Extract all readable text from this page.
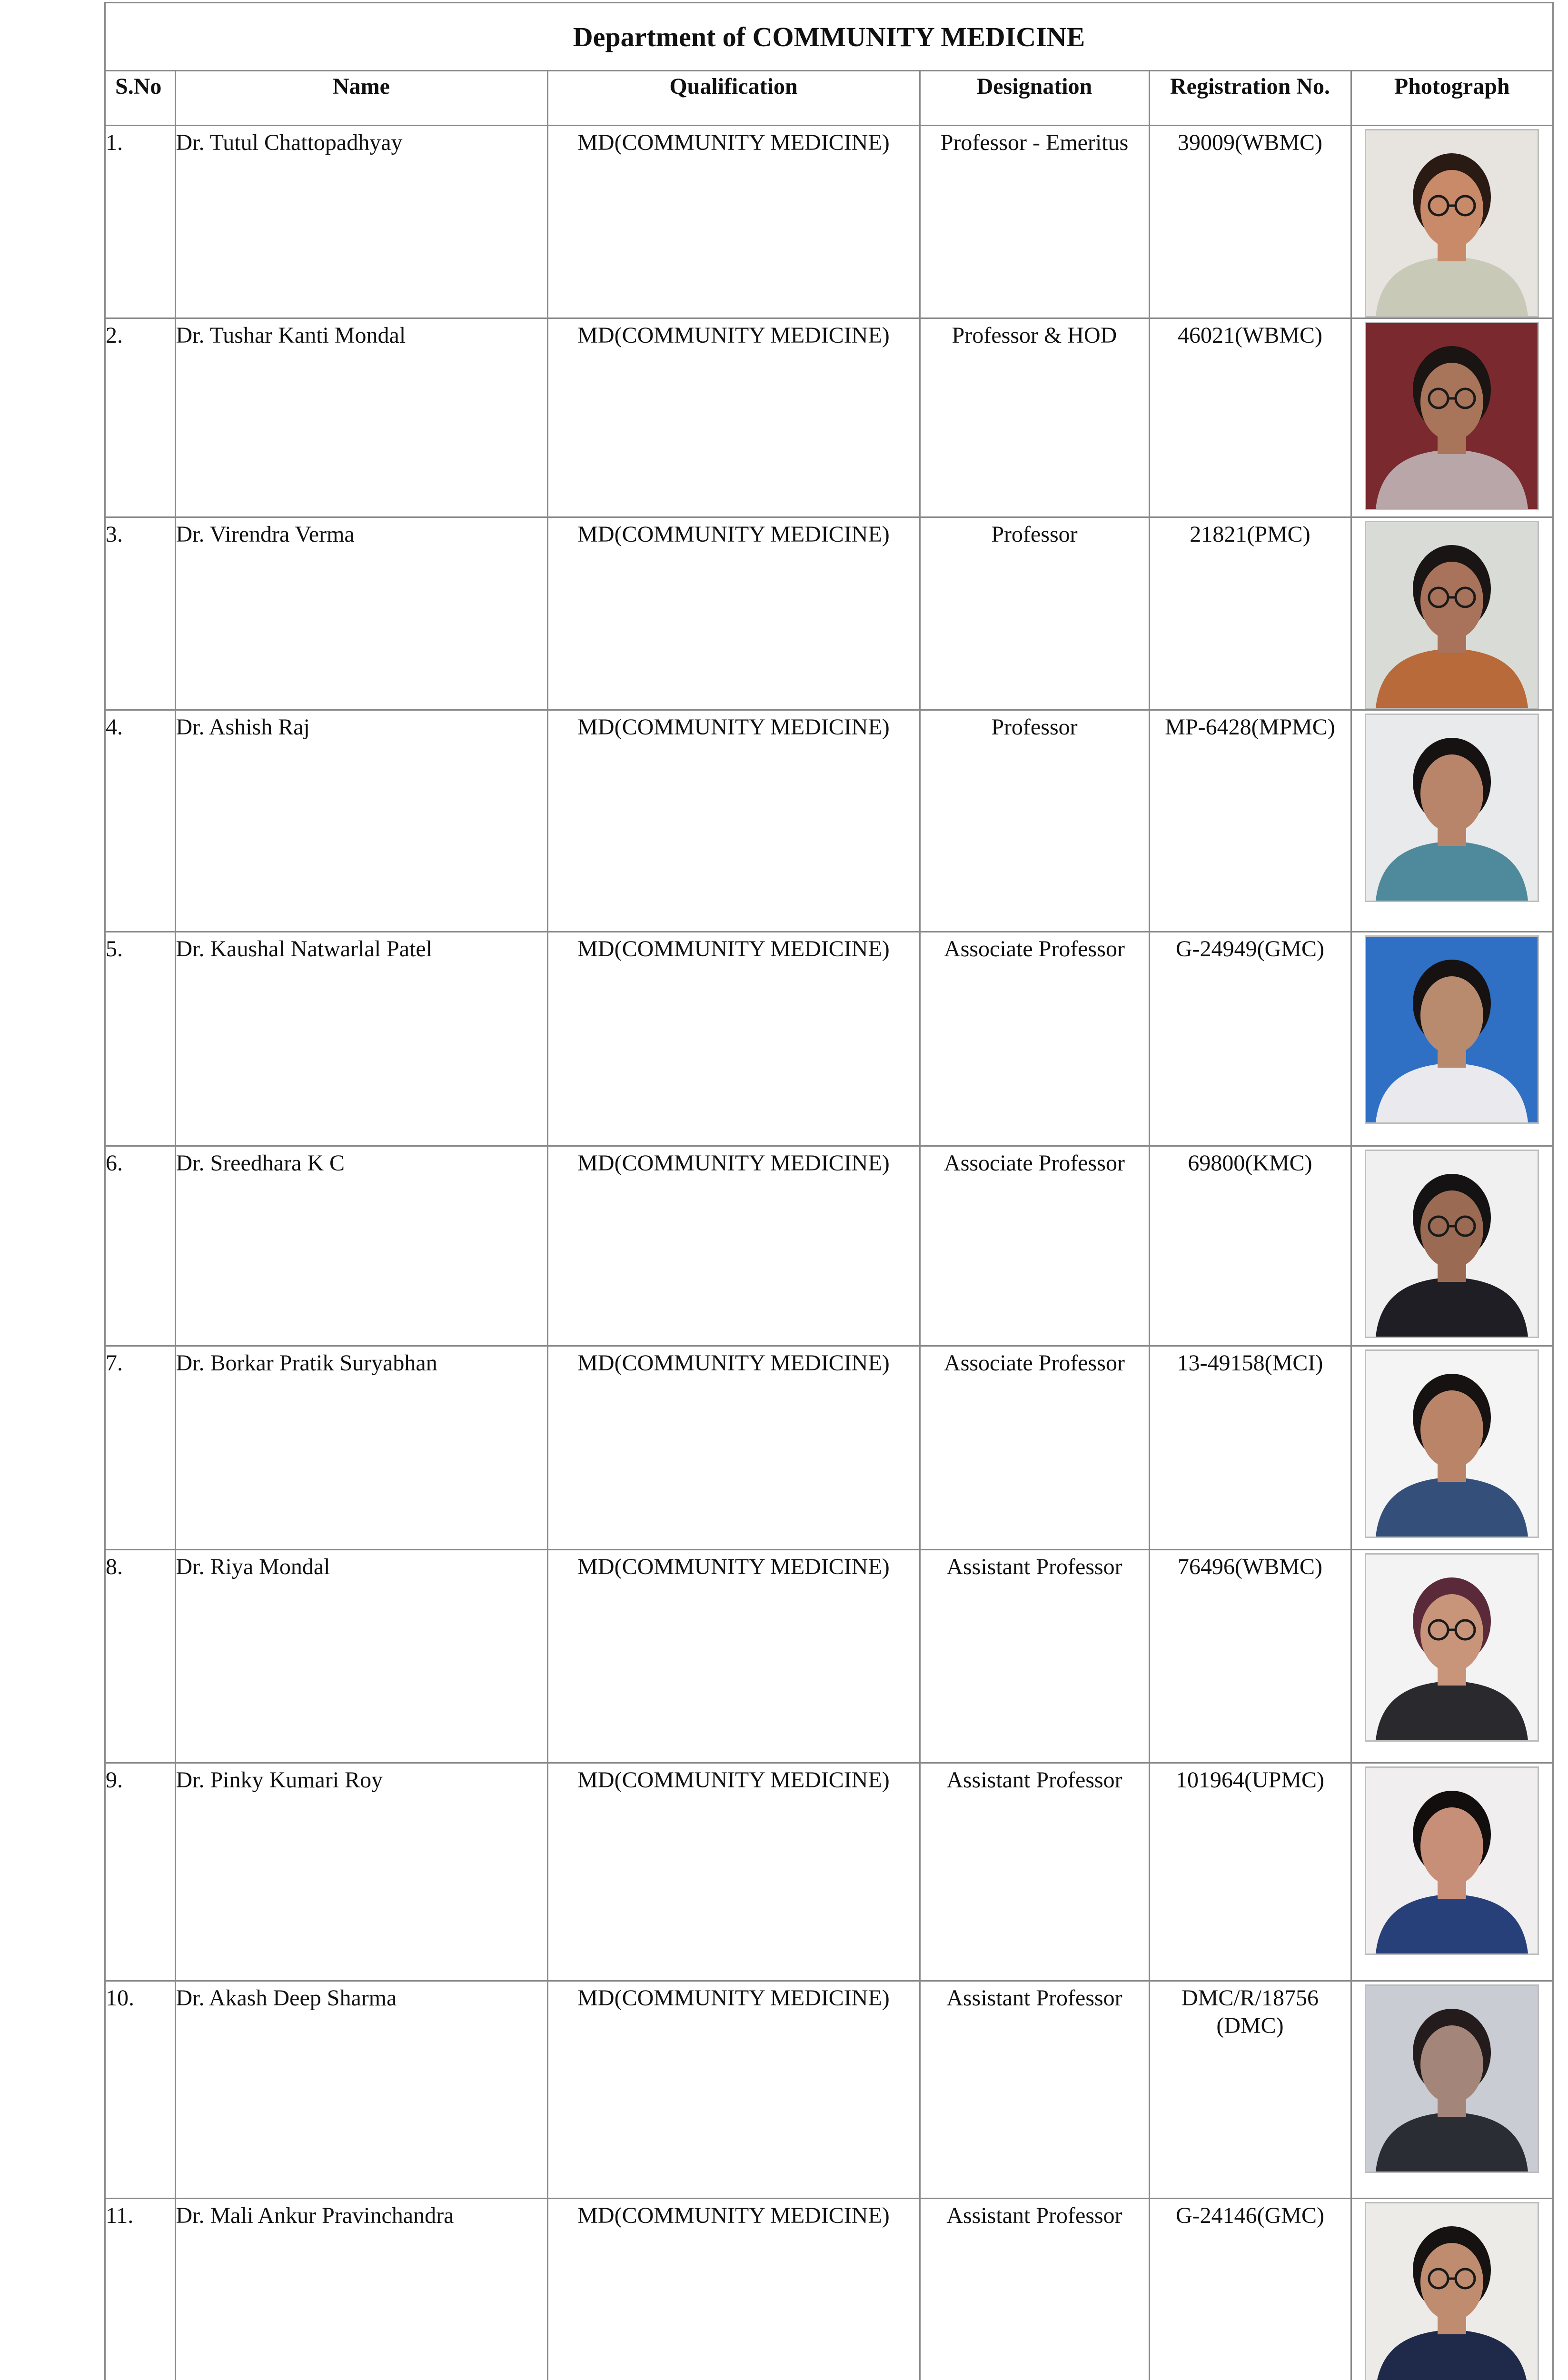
Department of COMMUNITY MEDICINE
S.No	Name	Qualification	Designation	Registration No.	Photograph
1.	Dr. Tutul Chattopadhyay	MD(COMMUNITY MEDICINE)	Professor - Emeritus	39009(WBMC)	

2.	Dr. Tushar Kanti Mondal	MD(COMMUNITY MEDICINE)	Professor & HOD	46021(WBMC)	

3.	Dr. Virendra Verma	MD(COMMUNITY MEDICINE)	Professor	21821(PMC)	

4.	Dr. Ashish Raj	MD(COMMUNITY MEDICINE)	Professor	MP-6428(MPMC)	

5.	Dr. Kaushal Natwarlal Patel	MD(COMMUNITY MEDICINE)	Associate Professor	G-24949(GMC)	

6.	Dr. Sreedhara K C	MD(COMMUNITY MEDICINE)	Associate Professor	69800(KMC)	

7.	Dr. Borkar Pratik Suryabhan	MD(COMMUNITY MEDICINE)	Associate Professor	13-49158(MCI)	

8.	Dr. Riya Mondal	MD(COMMUNITY MEDICINE)	Assistant Professor	76496(WBMC)	

9.	Dr. Pinky Kumari Roy	MD(COMMUNITY MEDICINE)	Assistant Professor	101964(UPMC)	

10.	Dr. Akash Deep Sharma	MD(COMMUNITY MEDICINE)	Assistant Professor	DMC/R/18756 (DMC)	

11.	Dr. Mali Ankur Pravinchandra	MD(COMMUNITY MEDICINE)	Assistant Professor	G-24146(GMC)	
